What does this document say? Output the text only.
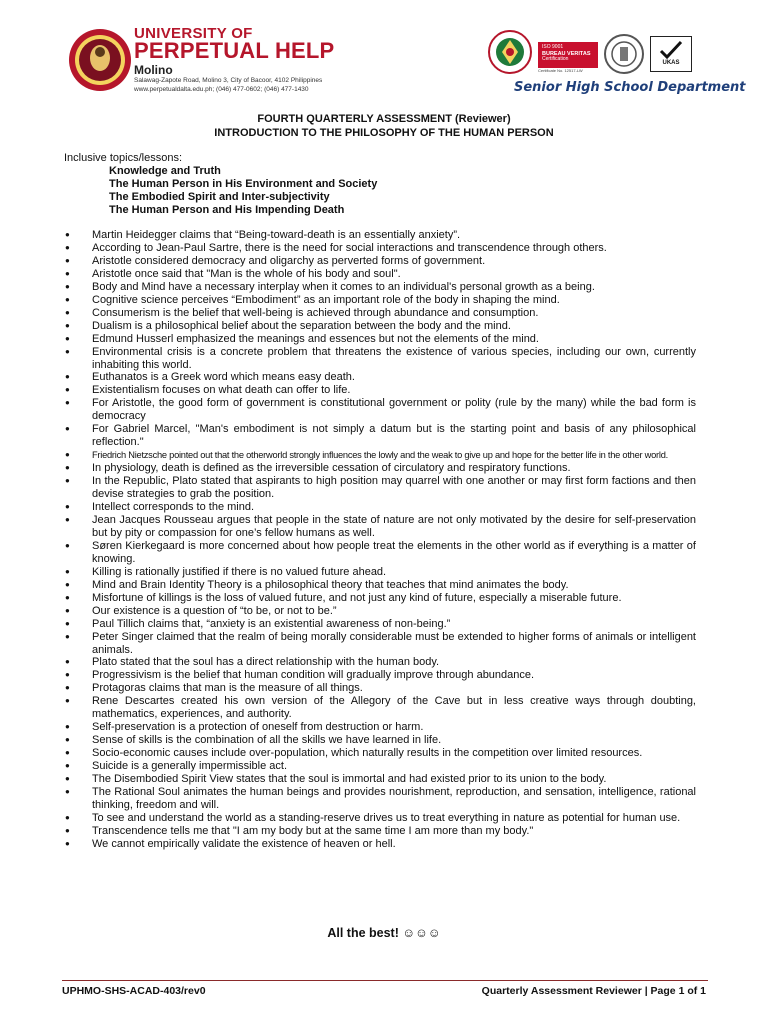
UNIVERSITY OF
PERPETUAL HELP
Molino
Salawag-Zapote Road, Molino 3, City of Bacoor, 4102 Philippines
www.perpetualdalta.edu.ph; (046) 477-0602; (046) 477-1430
ISO 9001
BUREAU VERITAS
Certification
Certificate No. 12517-LW
UKAS
Senior High School Department
FOURTH QUARTERLY ASSESSMENT (Reviewer)
INTRODUCTION TO THE PHILOSOPHY OF THE HUMAN PERSON
Inclusive topics/lessons:
Knowledge and Truth
The Human Person in His Environment and Society
The Embodied Spirit and Inter-subjectivity
The Human Person and His Impending Death
● Martin Heidegger claims that “Being-toward-death is an essentially anxiety”.
● According to Jean-Paul Sartre, there is the need for social interactions and transcendence through others.
● Aristotle considered democracy and oligarchy as perverted forms of government.
● Aristotle once said that "Man is the whole of his body and soul".
● Body and Mind have a necessary interplay when it comes to an individual's personal growth as a being.
● Cognitive science perceives “Embodiment” as an important role of the body in shaping the mind.
● Consumerism is the belief that well-being is achieved through abundance and consumption.
● Dualism is a philosophical belief about the separation between the body and the mind.
● Edmund Husserl emphasized the meanings and essences but not the elements of the mind.
● Environmental crisis is a concrete problem that threatens the existence of various species, including our own, currently inhabiting this world.
● Euthanatos is a Greek word which means easy death.
● Existentialism focuses on what death can offer to life.
● For Aristotle, the good form of government is constitutional government or polity (rule by the many) while the bad form is democracy
● For Gabriel Marcel, "Man's embodiment is not simply a datum but is the starting point and basis of any philosophical reflection."
● Friedrich Nietzsche pointed out that the otherworld strongly influences the lowly and the weak to give up and hope for the better life in the other world.
● In physiology, death is defined as the irreversible cessation of circulatory and respiratory functions.
● In the Republic, Plato stated that aspirants to high position may quarrel with one another or may first form factions and then devise strategies to grab the position.
● Intellect corresponds to the mind.
● Jean Jacques Rousseau argues that people in the state of nature are not only motivated by the desire for self-preservation but by pity or compassion for one’s fellow humans as well.
● Søren Kierkegaard is more concerned about how people treat the elements in the other world as if everything is a matter of knowing.
● Killing is rationally justified if there is no valued future ahead.
● Mind and Brain Identity Theory is a philosophical theory that teaches that mind animates the body.
● Misfortune of killings is the loss of valued future, and not just any kind of future, especially a miserable future.
● Our existence is a question of “to be, or not to be.”
● Paul Tillich claims that, “anxiety is an existential awareness of non-being.”
● Peter Singer claimed that the realm of being morally considerable must be extended to higher forms of animals or intelligent animals.
● Plato stated that the soul has a direct relationship with the human body.
● Progressivism is the belief that human condition will gradually improve through abundance.
● Protagoras claims that man is the measure of all things.
● Rene Descartes created his own version of the Allegory of the Cave but in less creative ways through doubting, mathematics, experiences, and authority.
● Self-preservation is a protection of oneself from destruction or harm.
● Sense of skills is the combination of all the skills we have learned in life.
● Socio-economic causes include over-population, which naturally results in the competition over limited resources.
● Suicide is a generally impermissible act.
● The Disembodied Spirit View states that the soul is immortal and had existed prior to its union to the body.
● The Rational Soul animates the human beings and provides nourishment, reproduction, and sensation, intelligence, rational thinking, freedom and will.
● To see and understand the world as a standing-reserve drives us to treat everything in nature as potential for human use.
● Transcendence tells me that "I am my body but at the same time I am more than my body."
● We cannot empirically validate the existence of heaven or hell.
All the best! ☺☺☺
UPHMO-SHS-ACAD-403/rev0	Quarterly Assessment Reviewer | Page 1 of 1
